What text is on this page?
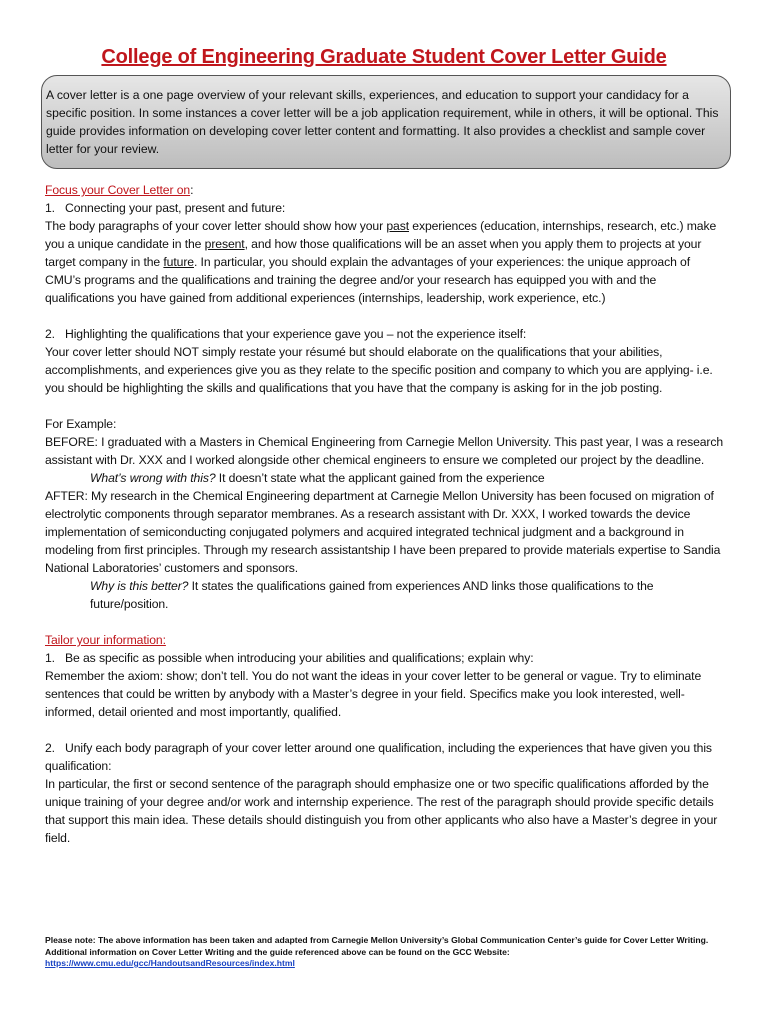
College of Engineering Graduate Student Cover Letter Guide
A cover letter is a one page overview of your relevant skills, experiences, and education to support your candidacy for a specific position. In some instances a cover letter will be a job application requirement, while in others, it will be optional. This guide provides information on developing cover letter content and formatting. It also provides a checklist and sample cover letter for your review.

Focus your Cover Letter on:

1. Connecting your past, present and future:

The body paragraphs of your cover letter should show how your past experiences (education, internships, research, etc.) make you a unique candidate in the present, and how those qualifications will be an asset when you apply them to projects at your target company in the future. In particular, you should explain the advantages of your experiences: the unique approach of CMU’s programs and the qualifications and training the degree and/or your research has equipped you with and the qualifications you have gained from additional experiences (internships, leadership, work experience, etc.)

2. Highlighting the qualifications that your experience gave you – not the experience itself:

Your cover letter should NOT simply restate your résumé but should elaborate on the qualifications that your abilities, accomplishments, and experiences give you as they relate to the specific position and company to which you are applying- i.e. you should be highlighting the skills and qualifications that you have that the company is asking for in the job posting.

For Example:

BEFORE: I graduated with a Masters in Chemical Engineering from Carnegie Mellon University. This past year, I was a research assistant with Dr. XXX and I worked alongside other chemical engineers to ensure we completed our project by the deadline.

What’s wrong with this? It doesn’t state what the applicant gained from the experience

AFTER: My research in the Chemical Engineering department at Carnegie Mellon University has been focused on migration of electrolytic components through separator membranes. As a research assistant with Dr. XXX, I worked towards the device implementation of semiconducting conjugated polymers and acquired integrated technical judgment and a background in modeling from first principles. Through my research assistantship I have been prepared to provide materials expertise to Sandia National Laboratories’ customers and sponsors.

Why is this better? It states the qualifications gained from experiences AND links those qualifications to the future/position.

Tailor your information:

1. Be as specific as possible when introducing your abilities and qualifications; explain why:

Remember the axiom: show; don’t tell. You do not want the ideas in your cover letter to be general or vague. Try to eliminate sentences that could be written by anybody with a Master’s degree in your field. Specifics make you look interested, well-informed, detail oriented and most importantly, qualified.

2. Unify each body paragraph of your cover letter around one qualification, including the experiences that have given you this qualification:

In particular, the first or second sentence of the paragraph should emphasize one or two specific qualifications afforded by the unique training of your degree and/or work and internship experience. The rest of the paragraph should provide specific details that support this main idea. These details should distinguish you from other applicants who also have a Master’s degree in your field.

Please note: The above information has been taken and adapted from Carnegie Mellon University’s Global Communication Center’s guide for Cover Letter Writing. Additional information on Cover Letter Writing and the guide referenced above can be found on the GCC Website:
https://www.cmu.edu/gcc/HandoutsandResources/index.html
